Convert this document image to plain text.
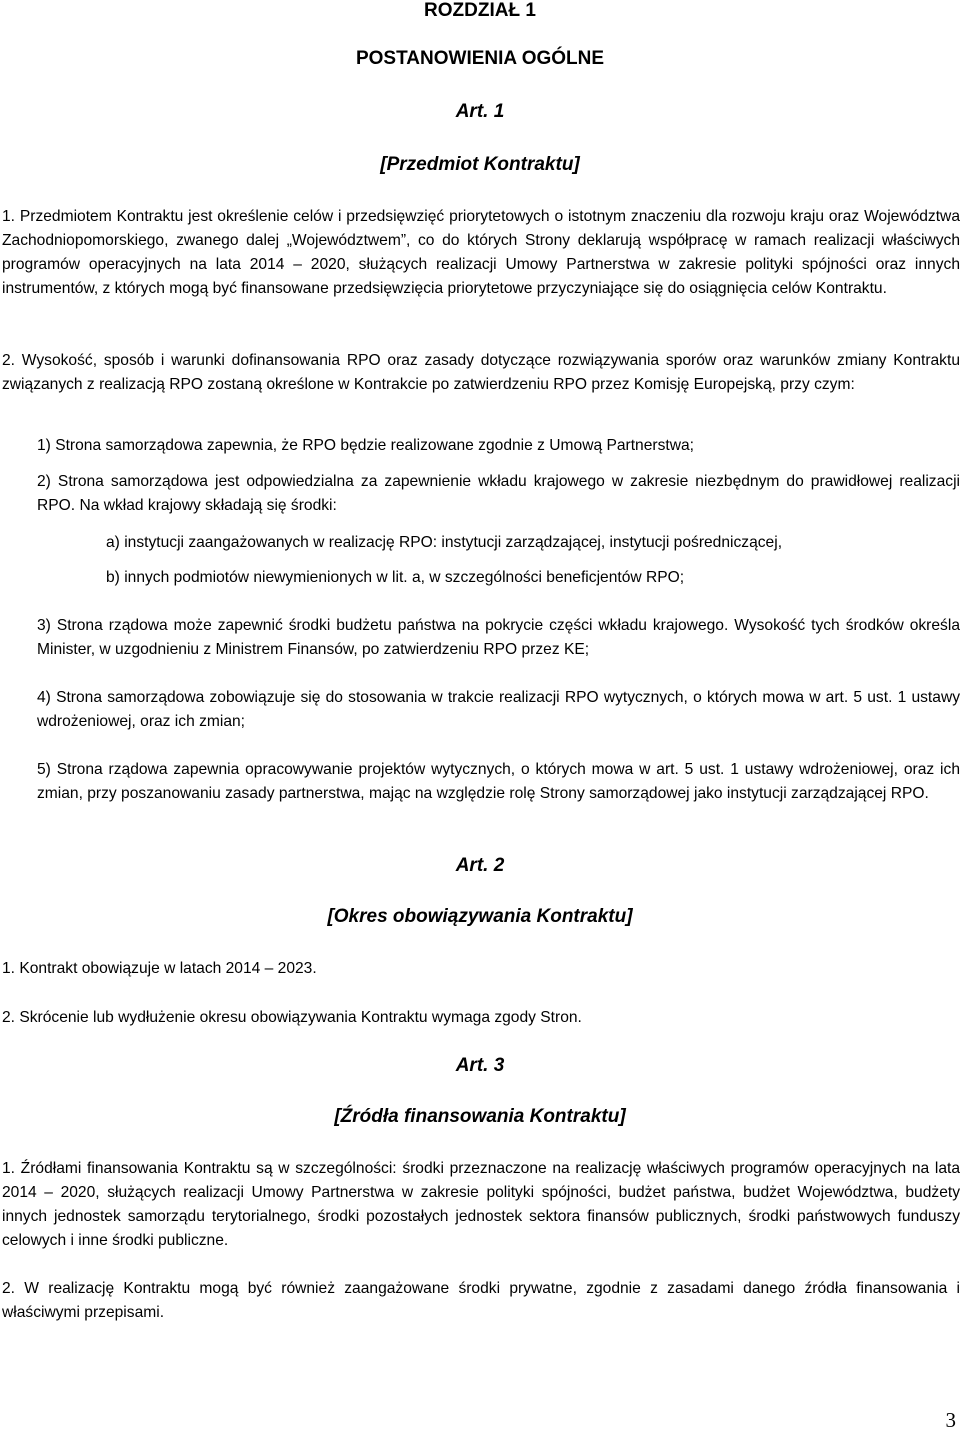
ROZDZIAŁ 1

POSTANOWIENIA OGÓLNE

Art. 1

[Przedmiot Kontraktu]

1. Przedmiotem Kontraktu jest określenie celów i przedsięwzięć priorytetowych o istotnym znaczeniu dla rozwoju kraju oraz Województwa Zachodniopomorskiego, zwanego dalej „Województwem”, co do których Strony deklarują współpracę w ramach realizacji właściwych programów operacyjnych na lata 2014 – 2020, służących realizacji Umowy Partnerstwa w zakresie polityki spójności oraz innych instrumentów, z których mogą być finansowane przedsięwzięcia priorytetowe przyczyniające się do osiągnięcia celów Kontraktu.

2. Wysokość, sposób i warunki dofinansowania RPO oraz zasady dotyczące rozwiązywania sporów oraz warunków zmiany Kontraktu związanych z realizacją RPO zostaną określone w Kontrakcie po zatwierdzeniu RPO przez Komisję Europejską, przy czym:

1) Strona samorządowa zapewnia, że RPO będzie realizowane zgodnie z Umową Partnerstwa;

2) Strona samorządowa jest odpowiedzialna za zapewnienie wkładu krajowego w zakresie niezbędnym do prawidłowej realizacji RPO. Na wkład krajowy składają się środki:

a) instytucji zaangażowanych w realizację RPO: instytucji zarządzającej, instytucji pośredniczącej,

b) innych podmiotów niewymienionych w lit. a, w szczególności beneficjentów RPO;

3) Strona rządowa może zapewnić środki budżetu państwa na pokrycie części wkładu krajowego. Wysokość tych środków określa Minister, w uzgodnieniu z Ministrem Finansów, po zatwierdzeniu RPO przez KE;

4) Strona samorządowa zobowiązuje się do stosowania w trakcie realizacji RPO wytycznych, o których mowa w art. 5 ust. 1 ustawy wdrożeniowej, oraz ich zmian;

5) Strona rządowa zapewnia opracowywanie projektów wytycznych, o których mowa w art. 5 ust. 1 ustawy wdrożeniowej, oraz ich zmian, przy poszanowaniu zasady partnerstwa, mając na względzie rolę Strony samorządowej jako instytucji zarządzającej RPO.

Art. 2

[Okres obowiązywania Kontraktu]

1. Kontrakt obowiązuje w latach 2014 – 2023.

2. Skrócenie lub wydłużenie okresu obowiązywania Kontraktu wymaga zgody Stron.

Art. 3

[Źródła finansowania Kontraktu]

1. Źródłami finansowania Kontraktu są w szczególności: środki przeznaczone na realizację właściwych programów operacyjnych na lata 2014 – 2020, służących realizacji Umowy Partnerstwa w zakresie polityki spójności, budżet państwa, budżet Województwa, budżety innych jednostek samorządu terytorialnego, środki pozostałych jednostek sektora finansów publicznych, środki państwowych funduszy celowych i inne środki publiczne.

2. W realizację Kontraktu mogą być również zaangażowane środki prywatne, zgodnie z zasadami danego źródła finansowania i właściwymi przepisami.

3
